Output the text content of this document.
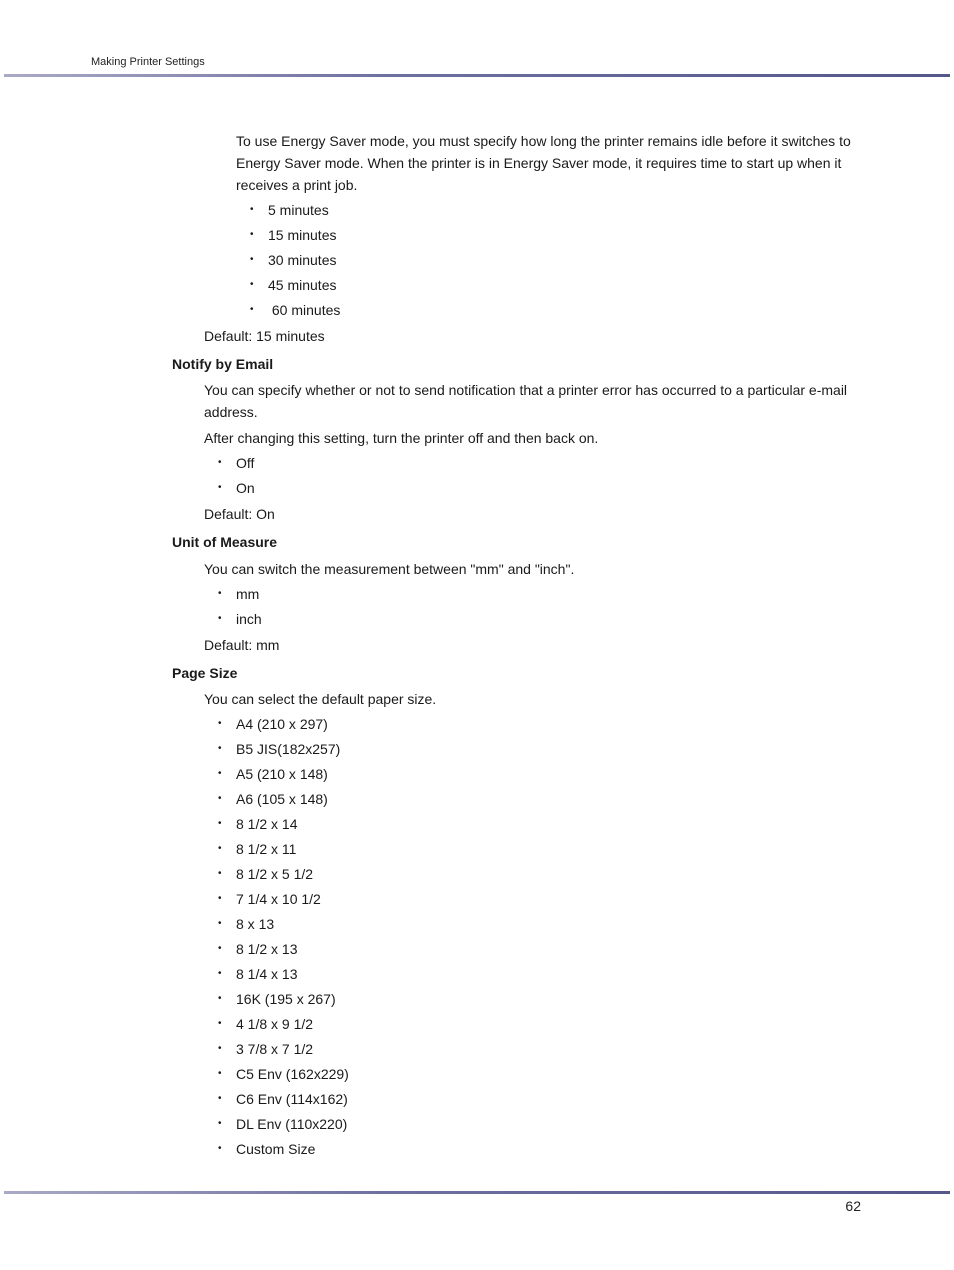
Making Printer Settings

To use Energy Saver mode, you must specify how long the printer remains idle before it switches to Energy Saver mode. When the printer is in Energy Saver mode, it requires time to start up when it receives a print job.

• 5 minutes
• 15 minutes
• 30 minutes
• 45 minutes
• 60 minutes

Default: 15 minutes

Notify by Email

You can specify whether or not to send notification that a printer error has occurred to a particular e-mail address.

After changing this setting, turn the printer off and then back on.

• Off
• On

Default: On

Unit of Measure

You can switch the measurement between "mm" and "inch".

• mm
• inch

Default: mm

Page Size

You can select the default paper size.

• A4 (210 x 297)
• B5 JIS(182x257)
• A5 (210 x 148)
• A6 (105 x 148)
• 8 1/2 x 14
• 8 1/2 x 11
• 8 1/2 x 5 1/2
• 7 1/4 x 10 1/2
• 8 x 13
• 8 1/2 x 13
• 8 1/4 x 13
• 16K (195 x 267)
• 4 1/8 x 9 1/2
• 3 7/8 x 7 1/2
• C5 Env (162x229)
• C6 Env (114x162)
• DL Env (110x220)
• Custom Size
62
